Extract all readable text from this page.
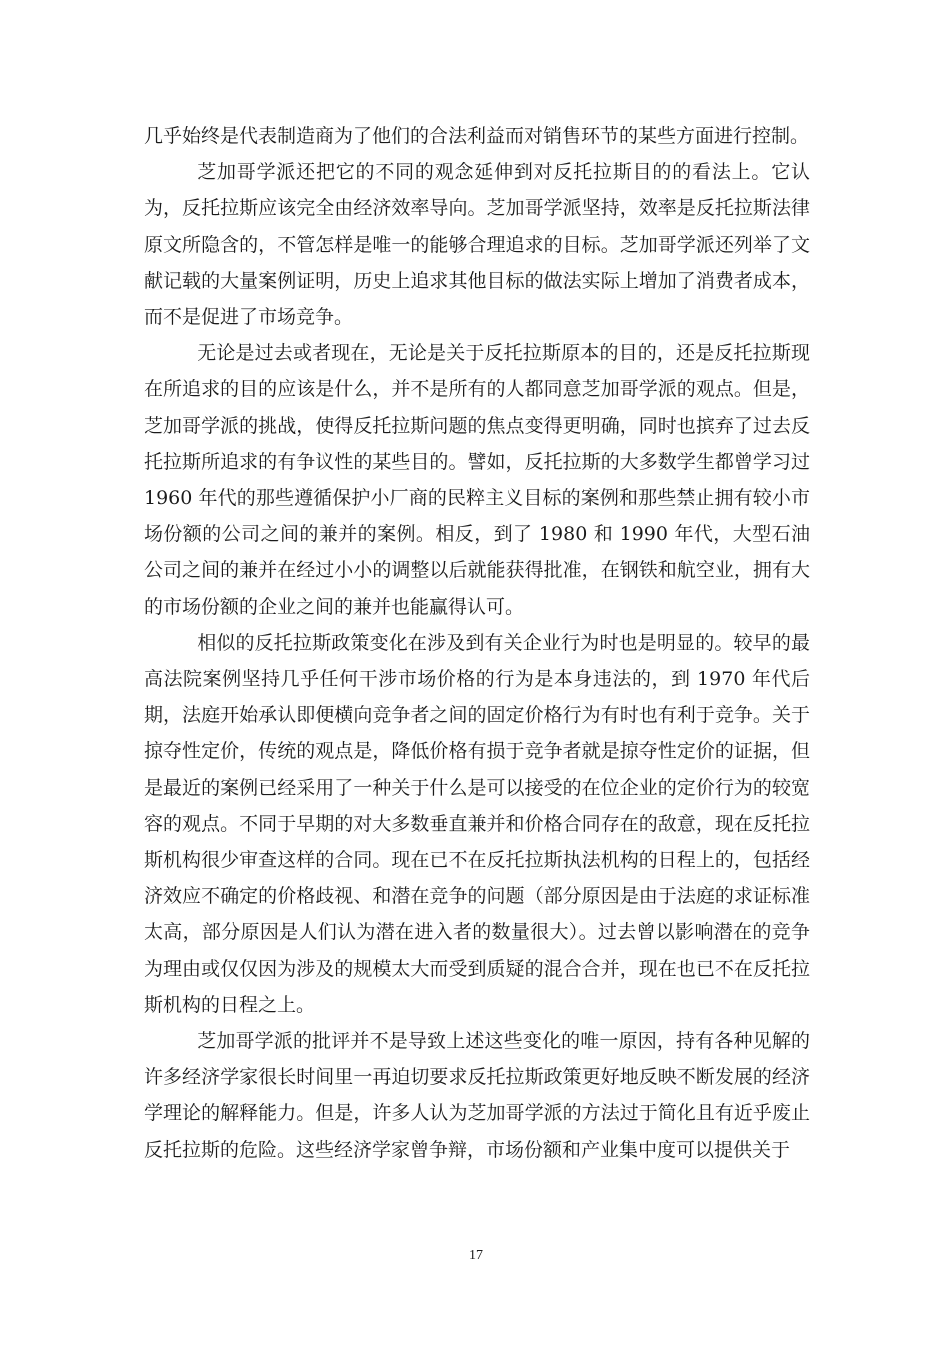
几乎始终是代表制造商为了他们的合法利益而对销售环节的某些方面进行控制。

芝加哥学派还把它的不同的观念延伸到对反托拉斯目的的看法上。它认为，反托拉斯应该完全由经济效率导向。芝加哥学派坚持，效率是反托拉斯法律原文所隐含的，不管怎样是唯一的能够合理追求的目标。芝加哥学派还列举了文献记载的大量案例证明，历史上追求其他目标的做法实际上增加了消费者成本，而不是促进了市场竞争。

无论是过去或者现在，无论是关于反托拉斯原本的目的，还是反托拉斯现在所追求的目的应该是什么，并不是所有的人都同意芝加哥学派的观点。但是，芝加哥学派的挑战，使得反托拉斯问题的焦点变得更明确，同时也摈弃了过去反托拉斯所追求的有争议性的某些目的。譬如，反托拉斯的大多数学生都曾学习过 1960 年代的那些遵循保护小厂商的民粹主义目标的案例和那些禁止拥有较小市场份额的公司之间的兼并的案例。相反，到了 1980 和 1990 年代，大型石油公司之间的兼并在经过小小的调整以后就能获得批准，在钢铁和航空业，拥有大的市场份额的企业之间的兼并也能赢得认可。

相似的反托拉斯政策变化在涉及到有关企业行为时也是明显的。较早的最高法院案例坚持几乎任何干涉市场价格的行为是本身违法的，到 1970 年代后期，法庭开始承认即便横向竞争者之间的固定价格行为有时也有利于竞争。关于掠夺性定价，传统的观点是，降低价格有损于竞争者就是掠夺性定价的证据，但是最近的案例已经采用了一种关于什么是可以接受的在位企业的定价行为的较宽容的观点。不同于早期的对大多数垂直兼并和价格合同存在的敌意，现在反托拉斯机构很少审查这样的合同。现在已不在反托拉斯执法机构的日程上的，包括经济效应不确定的价格歧视、和潜在竞争的问题（部分原因是由于法庭的求证标准太高，部分原因是人们认为潜在进入者的数量很大）。过去曾以影响潜在的竞争为理由或仅仅因为涉及的规模太大而受到质疑的混合合并，现在也已不在反托拉斯机构的日程之上。

芝加哥学派的批评并不是导致上述这些变化的唯一原因，持有各种见解的许多经济学家很长时间里一再迫切要求反托拉斯政策更好地反映不断发展的经济学理论的解释能力。但是，许多人认为芝加哥学派的方法过于简化且有近乎废止反托拉斯的危险。这些经济学家曾争辩，市场份额和产业集中度可以提供关于

17
